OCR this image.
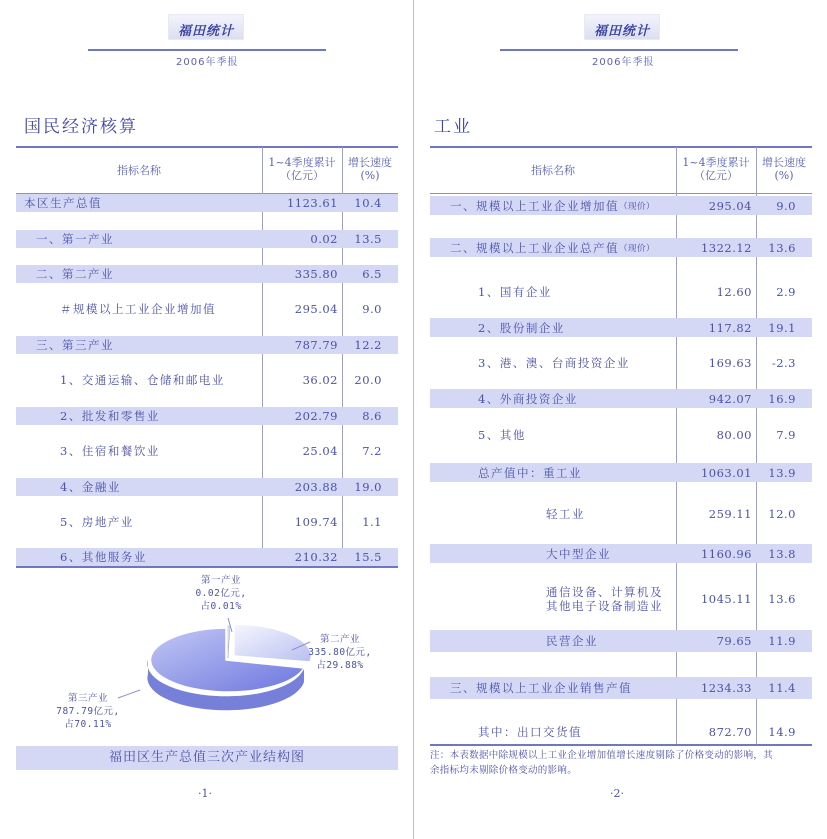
福田统计
2006年季报
国民经济核算
指标名称
1~4季度累计
（亿元）
增长速度
(%)
本区生产总值	1123.61	10.4
一、第一产业	0.02	13.5
二、第二产业	335.80	6.5
＃规模以上工业企业增加值	295.04	9.0
三、第三产业	787.79	12.2
1、交通运输、仓储和邮电业	36.02	20.0
2、批发和零售业	202.79	8.6
3、住宿和餐饮业	25.04	7.2
4、金融业	203.88	19.0
5、房地产业	109.74	1.1
6、其他服务业	210.32	15.5
第一产业
0.02亿元,
占0.01%
第二产业
335.80亿元,
占29.88%
第三产业
787.79亿元,
占70.11%
福田区生产总值三次产业结构图
·1·
福田统计
2006年季报
工业
指标名称
1~4季度累计
（亿元）
增长速度
(%)
一、规模以上工业企业增加值 （现价）	295.04	9.0
二、规模以上工业企业总产值 （现价）	1322.12	13.6
1、国有企业	12.60	2.9
2、股份制企业	117.82	19.1
3、港、澳、台商投资企业	169.63	-2.3
4、外商投资企业	942.07	16.9
5、其他	80.00	7.9
总产值中：重工业	1063.01	13.9
轻工业	259.11	12.0
大中型企业	1160.96	13.8
通信设备、计算机及
其他电子设备制造业	1045.11	13.6
民营企业	79.65	11.9
三、规模以上工业企业销售产值	1234.33	11.4
其中：出口交货值	872.70	14.9
注：本表数据中除规模以上工业企业增加值增长速度剔除了价格变动的影响，其
余指标均未剔除价格变动的影响。
·2·
